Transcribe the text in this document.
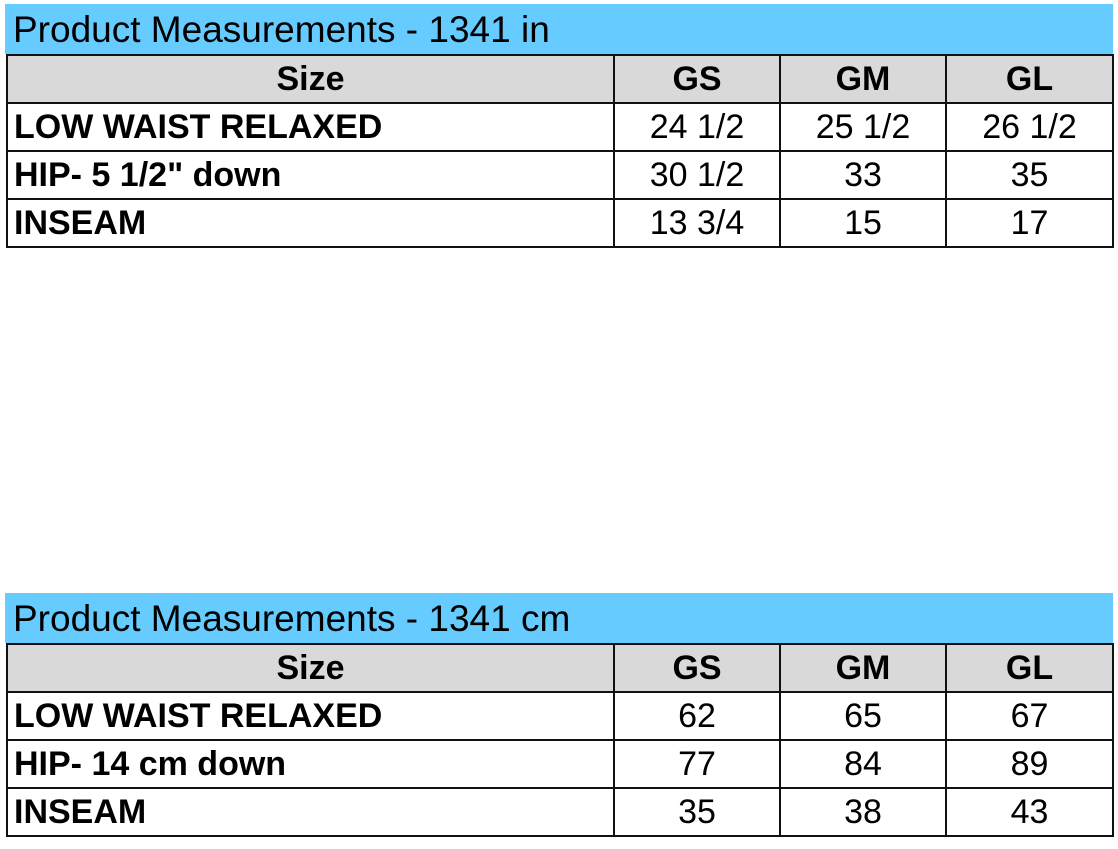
Product Measurements - 1341 in
Size	GS	GM	GL
LOW WAIST RELAXED	24 1/2	25 1/2	26 1/2
HIP- 5 1/2" down	30 1/2	33	35
INSEAM	13 3/4	15	17
Product Measurements - 1341 cm
Size	GS	GM	GL
LOW WAIST RELAXED	62	65	67
HIP- 14 cm down	77	84	89
INSEAM	35	38	43
